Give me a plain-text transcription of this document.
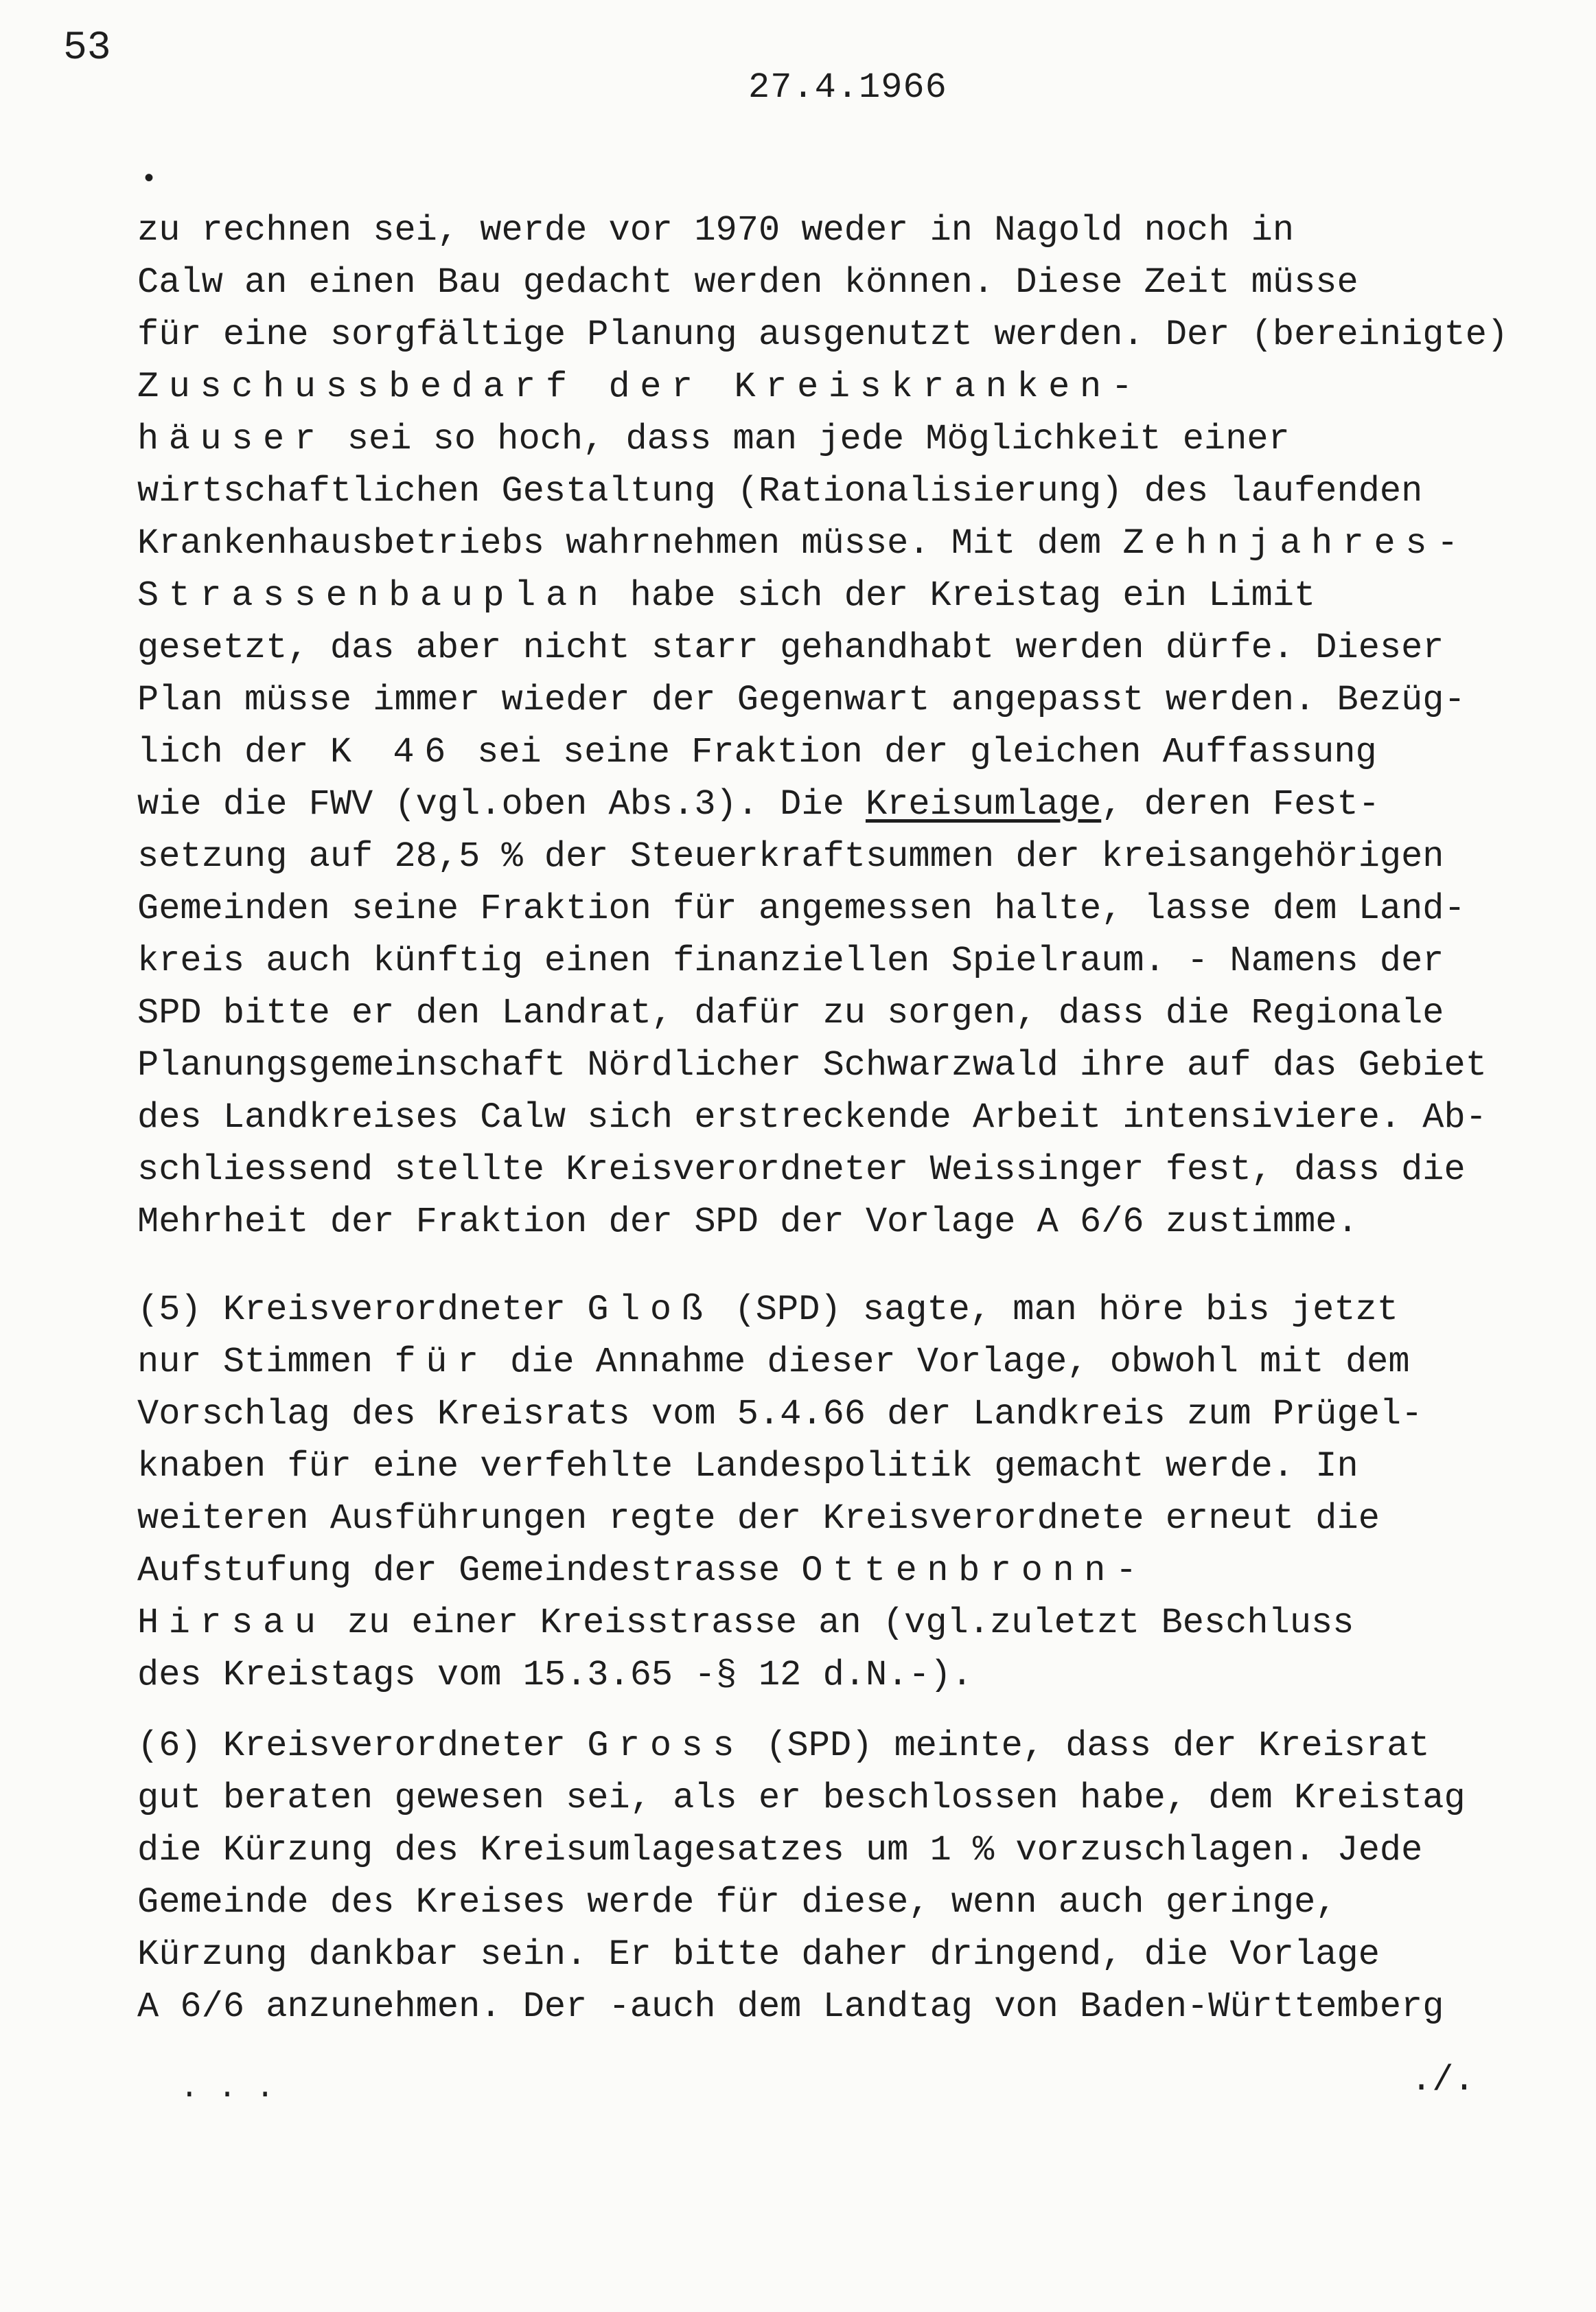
53
27.4.1966
•
zu rechnen sei, werde vor 1970 weder in Nagold noch in
Calw an einen Bau gedacht werden können. Diese Zeit müsse
für eine sorgfältige Planung ausgenutzt werden. Der (bereinigte)
Zuschussbedarf der Kreiskranken-
häuser sei so hoch, dass man jede Möglichkeit einer
wirtschaftlichen Gestaltung (Rationalisierung) des laufenden
Krankenhausbetriebs wahrnehmen müsse. Mit dem Zehnjahres-
Strassenbauplan habe sich der Kreistag ein Limit
gesetzt, das aber nicht starr gehandhabt werden dürfe. Dieser
Plan müsse immer wieder der Gegenwart angepasst werden. Bezüg-
lich der K 46 sei seine Fraktion der gleichen Auffassung
wie die FWV (vgl.oben Abs.3). Die Kreisumlage, deren Fest-
setzung auf 28,5 % der Steuerkraftsummen der kreisangehörigen
Gemeinden seine Fraktion für angemessen halte, lasse dem Land-
kreis auch künftig einen finanziellen Spielraum. - Namens der
SPD bitte er den Landrat, dafür zu sorgen, dass die Regionale
Planungsgemeinschaft Nördlicher Schwarzwald ihre auf das Gebiet
des Landkreises Calw sich erstreckende Arbeit intensiviere. Ab-
schliessend stellte Kreisverordneter Weissinger fest, dass die
Mehrheit der Fraktion der SPD der Vorlage A 6/6 zustimme.
(5) Kreisverordneter Gloß (SPD) sagte, man höre bis jetzt
nur Stimmen für die Annahme dieser Vorlage, obwohl mit dem
Vorschlag des Kreisrats vom 5.4.66 der Landkreis zum Prügel-
knaben für eine verfehlte Landespolitik gemacht werde. In
weiteren Ausführungen regte der Kreisverordnete erneut die
Aufstufung der Gemeindestrasse Ottenbronn-
Hirsau zu einer Kreisstrasse an (vgl.zuletzt Beschluss
des Kreistags vom 15.3.65 -§ 12 d.N.-).
(6) Kreisverordneter Gross (SPD) meinte, dass der Kreisrat
gut beraten gewesen sei, als er beschlossen habe, dem Kreistag
die Kürzung des Kreisumlagesatzes um 1 % vorzuschlagen. Jede
Gemeinde des Kreises werde für diese, wenn auch geringe,
Kürzung dankbar sein. Er bitte daher dringend, die Vorlage
A 6/6 anzunehmen. Der -auch dem Landtag von Baden-Württemberg
. . .	./.
